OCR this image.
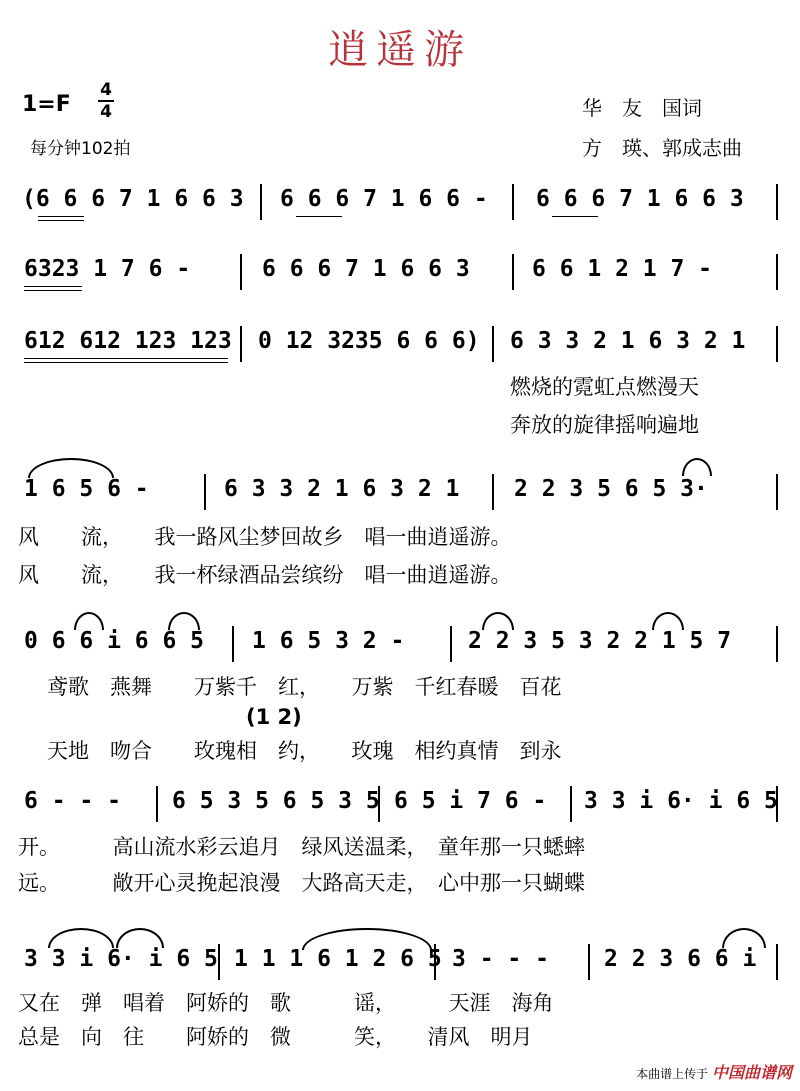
逍遥游
1=F
4
4
每分钟102拍
华　友　国词
方　瑛、郭成志曲
(6 6 6 7 1 6 6 3 6 6 6 7 1 6 6 - 6 6 6 7 1 6 6 3
6323 1 7 6 -	6 6 6 7 1 6 6 3	6 6 1 2 1 7 -
612 612 123 123 0 12 3235 6 6 6) 6 3 3 2 1 6 3 2 1
燃烧的霓虹点燃漫天
奔放的旋律摇响遍地
1 6 5 6 -	6 3 3 2 1 6 3 2 1 2 2 3 5 6 5 3·
风　　流，　　我一路风尘梦回故乡　唱一曲逍遥游。
风　　流，　　我一杯绿酒品尝缤纷　唱一曲逍遥游。
0 6 6 i 6 6 5 1 6 5 3 2 -	2 2 3 5 3 2 2 1 5 7
　鸢歌　燕舞　　万紫千　红，　　万紫　千红春暖　百花
(1 2)
　天地　吻合　　玫瑰相　约，　　玫瑰　相约真情　到永
6 - - - 6 5 3 5 6 5 3 5 6 5 i 7 6 - 3 3 i 6· i 6 5
开。　　　高山流水彩云追月　绿风送温柔，　童年那一只蟋蟀
远。　　　敞开心灵挽起浪漫　大路高天走，　心中那一只蝴蝶
3 3 i 6· i 6 5 1 1 1 6 1 2 6 5 3 - - - 2 2 3 6 6 i
又在　弹　唱着　阿娇的　歌　　　谣，　　　天涯　海角
总是　向　往　　阿娇的　微　　　笑，　　清风　明月
本曲谱上传于 中国曲谱网
